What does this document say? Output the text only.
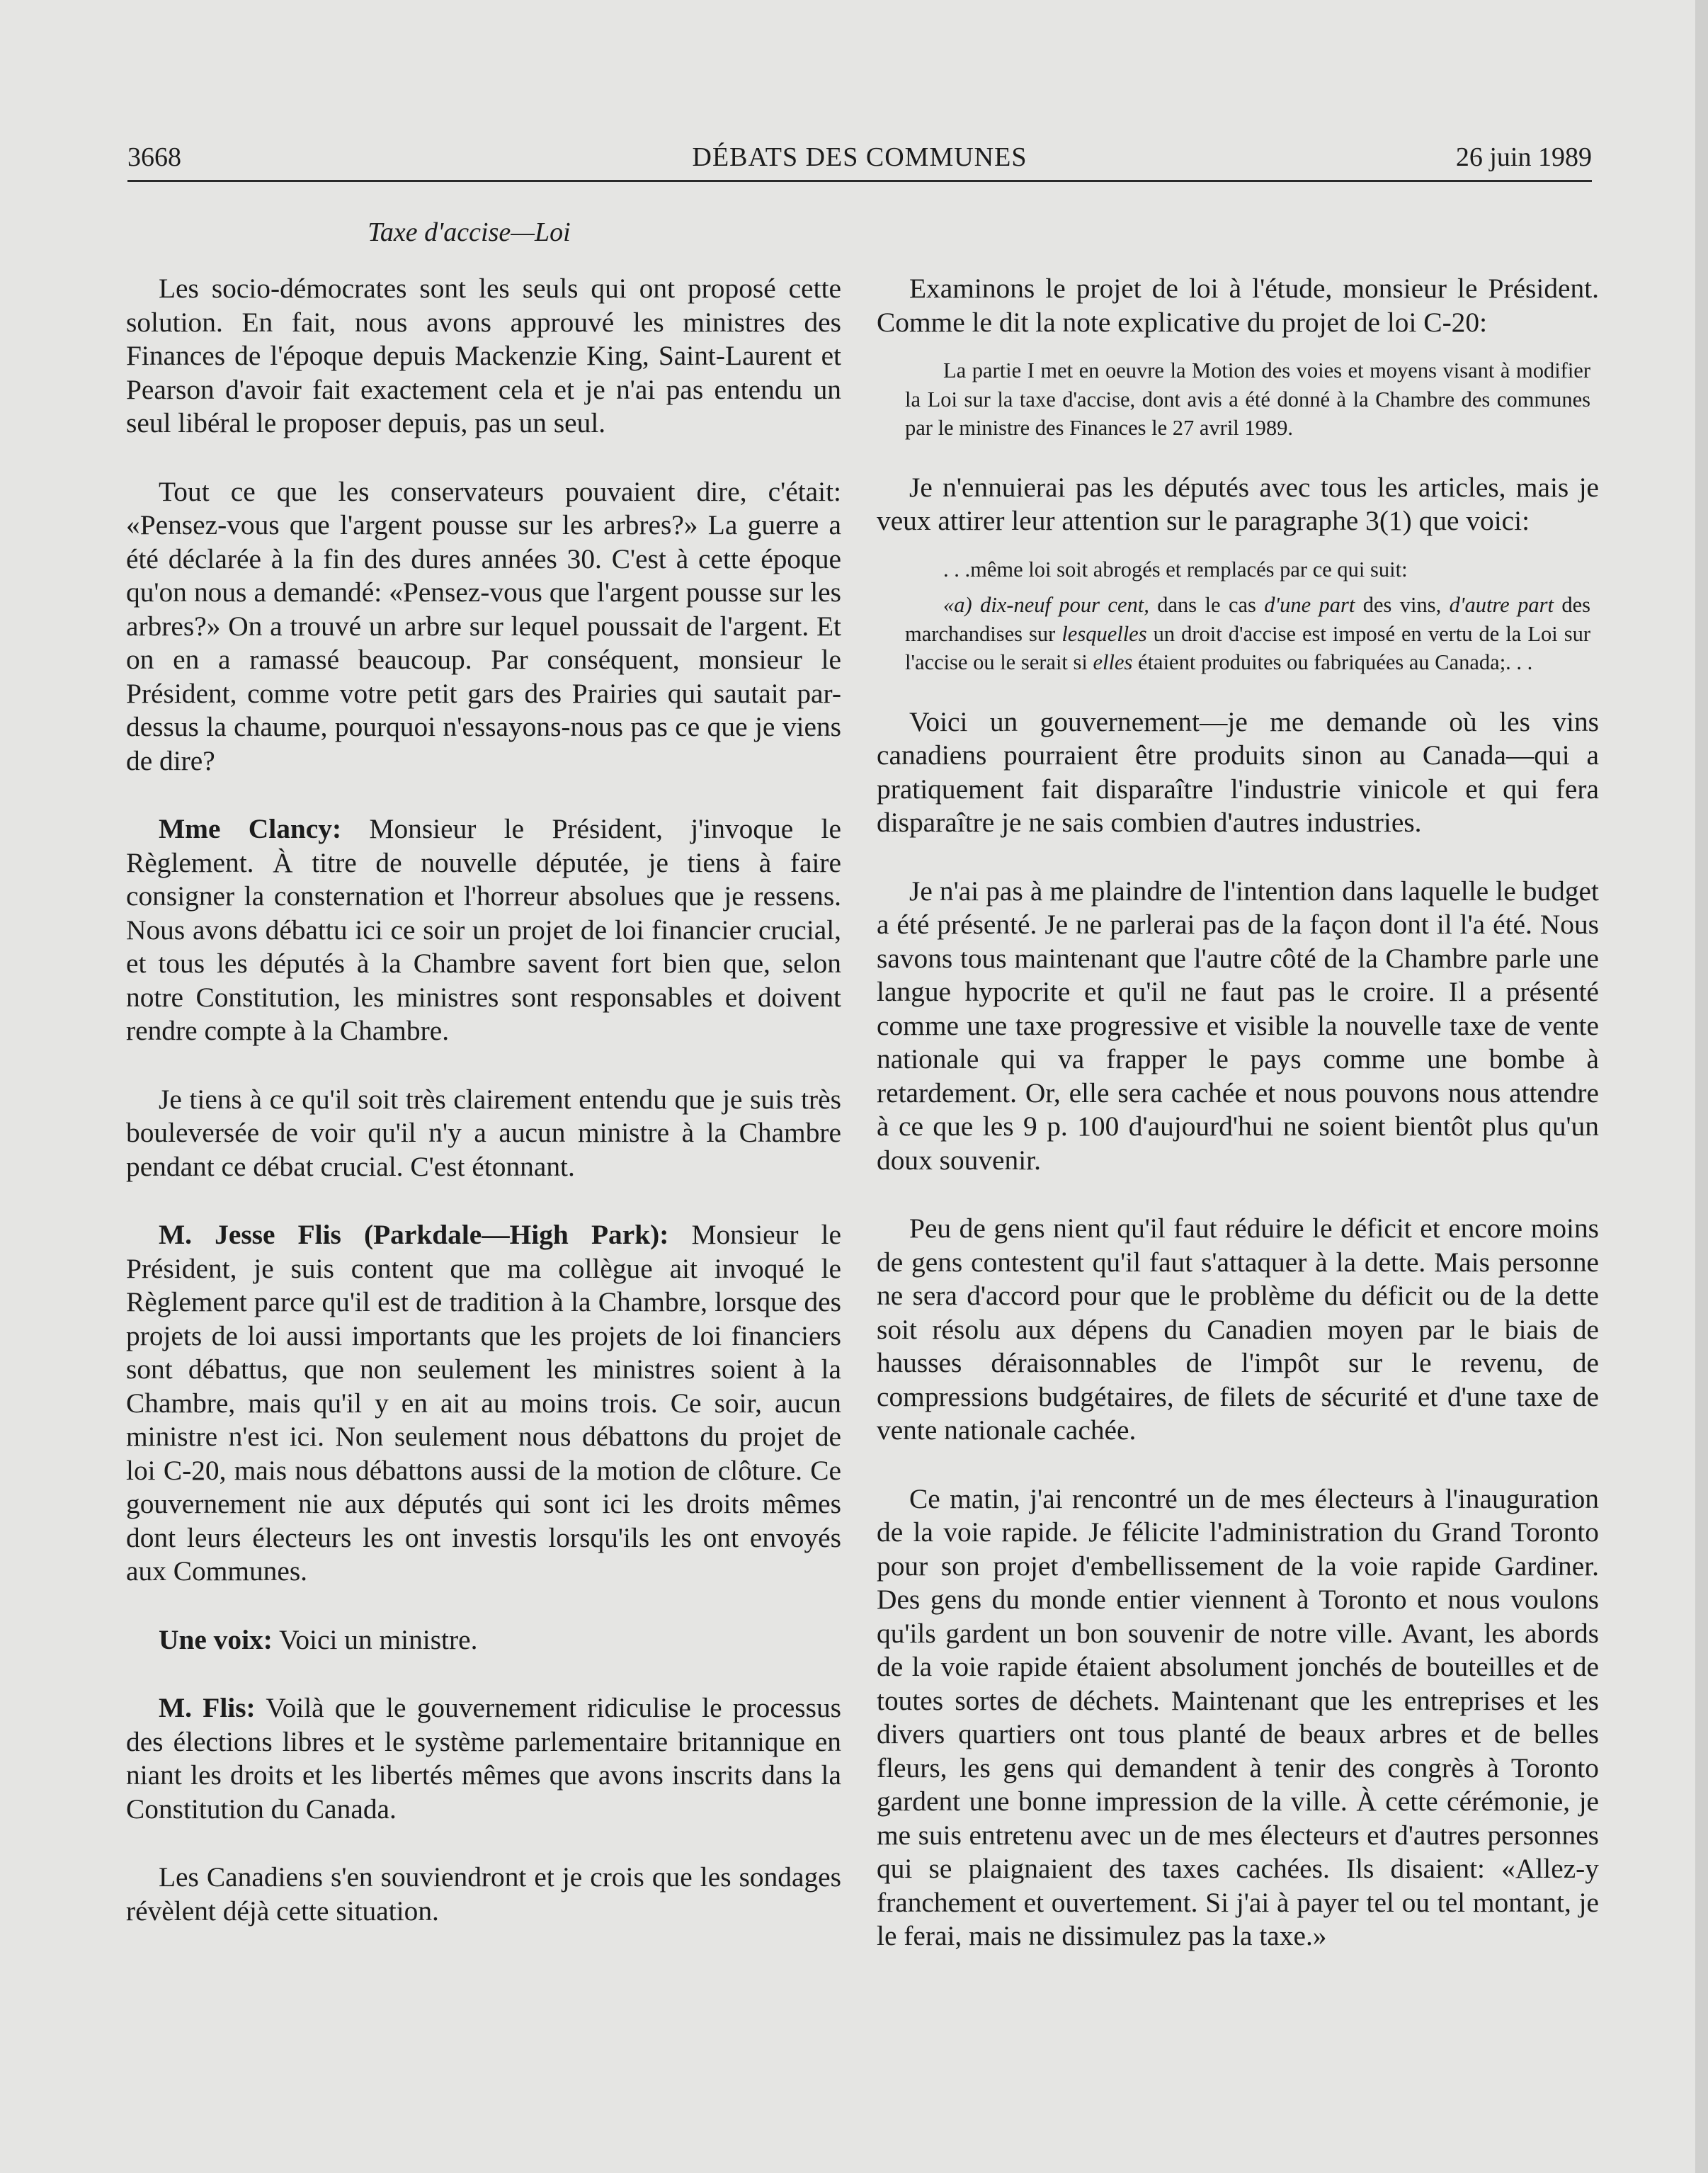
3668	DÉBATS DES COMMUNES	26 juin 1989
Taxe d'accise—Loi

Les socio-démocrates sont les seuls qui ont proposé cette solution. En fait, nous avons approuvé les ministres des Finances de l'époque depuis Mackenzie King, Saint-Laurent et Pearson d'avoir fait exactement cela et je n'ai pas entendu un seul libéral le proposer depuis, pas un seul.

Tout ce que les conservateurs pouvaient dire, c'était: «Pensez-vous que l'argent pousse sur les arbres?» La guerre a été déclarée à la fin des dures années 30. C'est à cette époque qu'on nous a demandé: «Pensez-vous que l'argent pousse sur les arbres?» On a trouvé un arbre sur lequel poussait de l'argent. Et on en a ramassé beaucoup. Par conséquent, monsieur le Président, comme votre petit gars des Prairies qui sautait par-dessus la chaume, pourquoi n'essayons-nous pas ce que je viens de dire?

Mme Clancy: Monsieur le Président, j'invoque le Règlement. À titre de nouvelle députée, je tiens à faire consigner la consternation et l'horreur absolues que je ressens. Nous avons débattu ici ce soir un projet de loi financier crucial, et tous les députés à la Chambre savent fort bien que, selon notre Constitution, les ministres sont responsables et doivent rendre compte à la Chambre.

Je tiens à ce qu'il soit très clairement entendu que je suis très bouleversée de voir qu'il n'y a aucun ministre à la Chambre pendant ce débat crucial. C'est étonnant.

M. Jesse Flis (Parkdale—High Park): Monsieur le Président, je suis content que ma collègue ait invoqué le Règlement parce qu'il est de tradition à la Chambre, lorsque des projets de loi aussi importants que les projets de loi financiers sont débattus, que non seulement les ministres soient à la Chambre, mais qu'il y en ait au moins trois. Ce soir, aucun ministre n'est ici. Non seulement nous débattons du projet de loi C-20, mais nous débattons aussi de la motion de clôture. Ce gouvernement nie aux députés qui sont ici les droits mêmes dont leurs électeurs les ont investis lorsqu'ils les ont envoyés aux Communes.

Une voix: Voici un ministre.

M. Flis: Voilà que le gouvernement ridiculise le processus des élections libres et le système parlementaire britannique en niant les droits et les libertés mêmes que avons inscrits dans la Constitution du Canada.

Les Canadiens s'en souviendront et je crois que les sondages révèlent déjà cette situation.

Examinons le projet de loi à l'étude, monsieur le Président. Comme le dit la note explicative du projet de loi C-20:

La partie I met en oeuvre la Motion des voies et moyens visant à modifier la Loi sur la taxe d'accise, dont avis a été donné à la Chambre des communes par le ministre des Finances le 27 avril 1989.

Je n'ennuierai pas les députés avec tous les articles, mais je veux attirer leur attention sur le paragraphe 3(1) que voici:

. . .même loi soit abrogés et remplacés par ce qui suit:
«a) dix-neuf pour cent, dans le cas d'une part des vins, d'autre part des marchandises sur lesquelles un droit d'accise est imposé en vertu de la Loi sur l'accise ou le serait si elles étaient produites ou fabriquées au Canada;. . .

Voici un gouvernement—je me demande où les vins canadiens pourraient être produits sinon au Canada—qui a pratiquement fait disparaître l'industrie vinicole et qui fera disparaître je ne sais combien d'autres industries.

Je n'ai pas à me plaindre de l'intention dans laquelle le budget a été présenté. Je ne parlerai pas de la façon dont il l'a été. Nous savons tous maintenant que l'autre côté de la Chambre parle une langue hypocrite et qu'il ne faut pas le croire. Il a présenté comme une taxe progressive et visible la nouvelle taxe de vente nationale qui va frapper le pays comme une bombe à retardement. Or, elle sera cachée et nous pouvons nous attendre à ce que les 9 p. 100 d'aujourd'hui ne soient bientôt plus qu'un doux souvenir.

Peu de gens nient qu'il faut réduire le déficit et encore moins de gens contestent qu'il faut s'attaquer à la dette. Mais personne ne sera d'accord pour que le problème du déficit ou de la dette soit résolu aux dépens du Canadien moyen par le biais de hausses déraisonnables de l'impôt sur le revenu, de compressions budgétaires, de filets de sécurité et d'une taxe de vente nationale cachée.

Ce matin, j'ai rencontré un de mes électeurs à l'inauguration de la voie rapide. Je félicite l'administration du Grand Toronto pour son projet d'embellissement de la voie rapide Gardiner. Des gens du monde entier viennent à Toronto et nous voulons qu'ils gardent un bon souvenir de notre ville. Avant, les abords de la voie rapide étaient absolument jonchés de bouteilles et de toutes sortes de déchets. Maintenant que les entreprises et les divers quartiers ont tous planté de beaux arbres et de belles fleurs, les gens qui demandent à tenir des congrès à Toronto gardent une bonne impression de la ville. À cette cérémonie, je me suis entretenu avec un de mes électeurs et d'autres personnes qui se plaignaient des taxes cachées. Ils disaient: «Allez-y franchement et ouvertement. Si j'ai à payer tel ou tel montant, je le ferai, mais ne dissimulez pas la taxe.»
